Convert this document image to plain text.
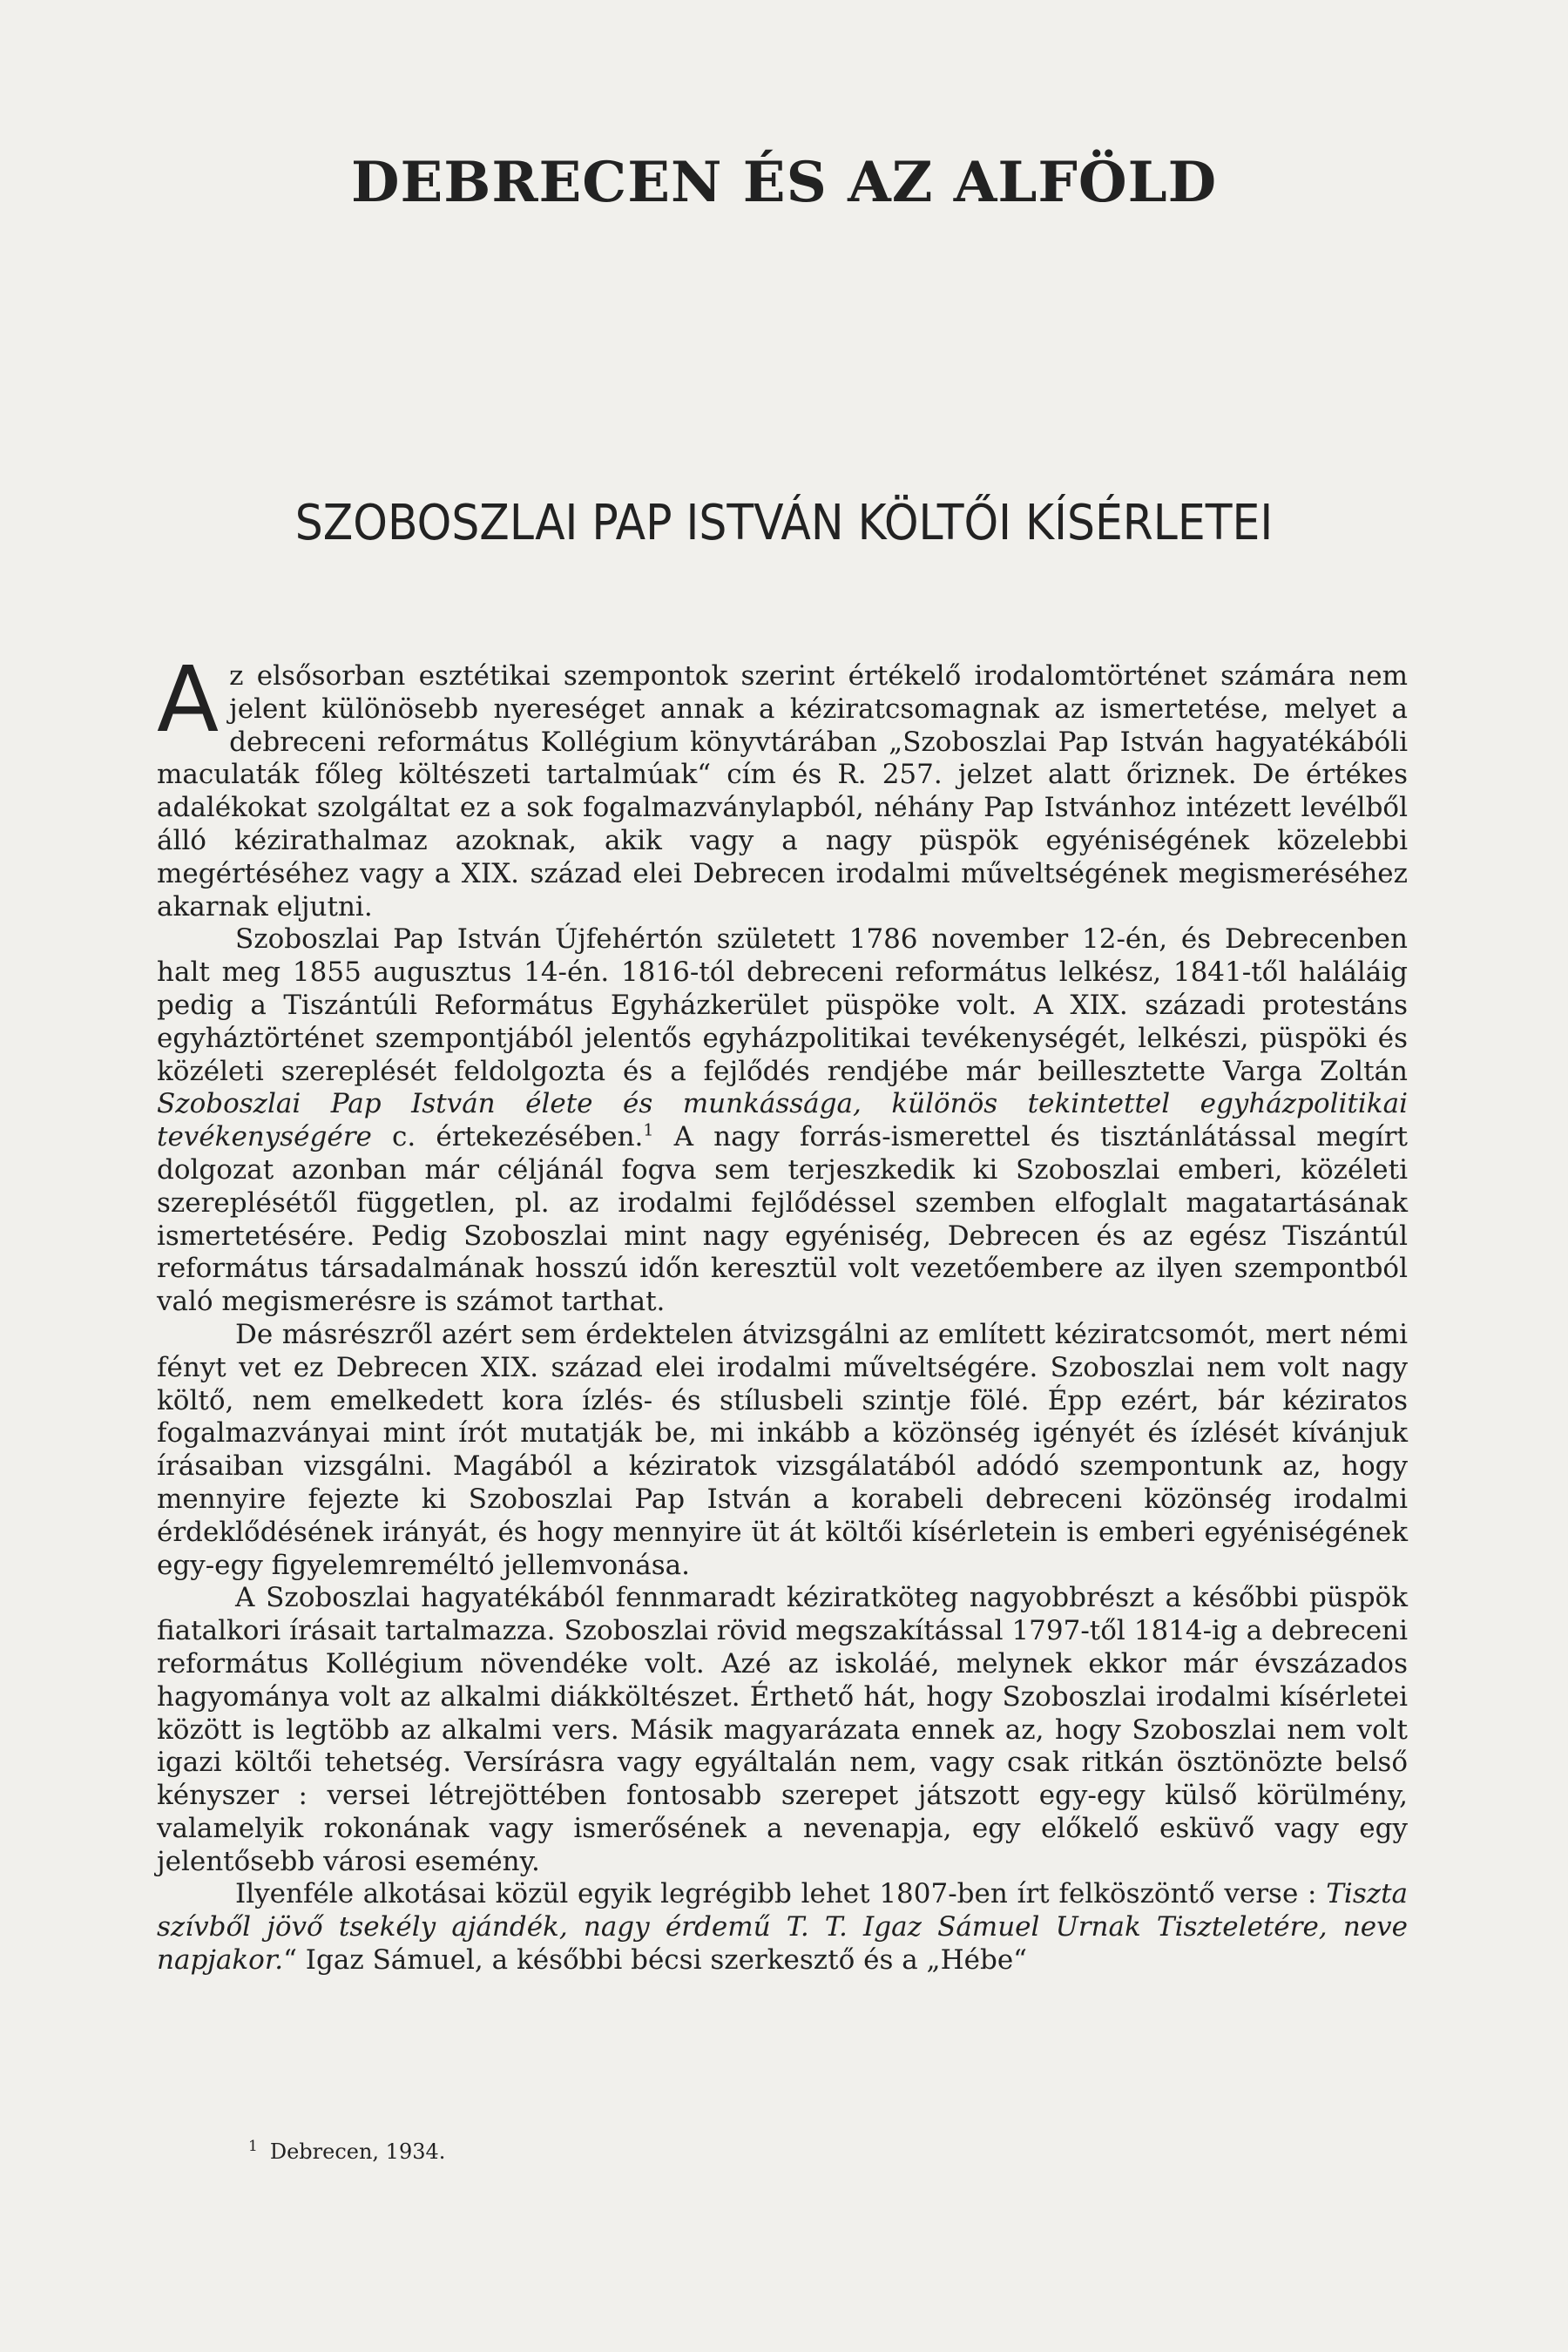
DEBRECEN ÉS AZ ALFÖLD
SZOBOSZLAI PAP ISTVÁN KÖLTŐI KÍSÉRLETEI

Az elsősorban esztétikai szempontok szerint értékelő irodalomtörténet számára nem jelent különösebb nyereséget annak a kéziratcsomagnak az ismertetése, melyet a debreceni református Kollégium könyvtárában „Szoboszlai Pap István hagyatékábóli maculaták főleg költészeti tartalmúak“ cím és R. 257. jelzet alatt őriznek. De értékes adalékokat szolgáltat ez a sok fogalmazványlapból, néhány Pap Istvánhoz intézett levélből álló kézirathalmaz azoknak, akik vagy a nagy püspök egyéniségének közelebbi megértéséhez vagy a XIX. század elei Debrecen irodalmi műveltségének megismeréséhez akarnak eljutni.

Szoboszlai Pap István Újfehértón született 1786 november 12-én, és Debrecenben halt meg 1855 augusztus 14-én. 1816-tól debreceni református lelkész, 1841-től haláláig pedig a Tiszántúli Református Egyházkerület püspöke volt. A XIX. századi protestáns egyháztörténet szempontjából jelentős egyházpolitikai tevékenységét, lelkészi, püspöki és közéleti szereplését feldolgozta és a fejlődés rendjébe már beillesztette Varga Zoltán Szoboszlai Pap István élete és munkássága, különös tekintettel egyházpolitikai tevékenységére c. értekezésében.$^1$ A nagy forrás-ismerettel és tisztánlátással megírt dolgozat azonban már céljánál fogva sem terjeszkedik ki Szoboszlai emberi, közéleti szereplésétől független, pl. az irodalmi fejlődéssel szemben elfoglalt magatartásának ismertetésére. Pedig Szoboszlai mint nagy egyéniség, Debrecen és az egész Tiszántúl református társadalmának hosszú időn keresztül volt vezetőembere az ilyen szempontból való megismerésre is számot tarthat.

De másrészről azért sem érdektelen átvizsgálni az említett kéziratcsomót, mert némi fényt vet ez Debrecen XIX. század elei irodalmi műveltségére. Szoboszlai nem volt nagy költő, nem emelkedett kora ízlés- és stílusbeli szintje fölé. Épp ezért, bár kéziratos fogalmazványai mint írót mutatják be, mi inkább a közönség igényét és ízlését kívánjuk írásaiban vizsgálni. Magából a kéziratok vizsgálatából adódó szempontunk az, hogy mennyire fejezte ki Szoboszlai Pap István a korabeli debreceni közönség irodalmi érdeklődésének irányát, és hogy mennyire üt át költői kísérletein is emberi egyéniségének egy-egy figyelemreméltó jellemvonása.

A Szoboszlai hagyatékából fennmaradt kéziratköteg nagyobbrészt a későbbi püspök fiatalkori írásait tartalmazza. Szoboszlai rövid megszakítással 1797-től 1814-ig a debreceni református Kollégium növendéke volt. Azé az iskoláé, melynek ekkor már évszázados hagyománya volt az alkalmi diákköltészet. Érthető hát, hogy Szoboszlai irodalmi kísérletei között is legtöbb az alkalmi vers. Másik magyarázata ennek az, hogy Szoboszlai nem volt igazi költői tehetség. Versírásra vagy egyáltalán nem, vagy csak ritkán ösztönözte belső kényszer : versei létrejöttében fontosabb szerepet játszott egy-egy külső körülmény, valamelyik rokonának vagy ismerősének a nevenapja, egy előkelő esküvő vagy egy jelentősebb városi esemény.

Ilyenféle alkotásai közül egyik legrégibb lehet 1807-ben írt felköszöntő verse : Tiszta szívből jövő tsekély ajándék, nagy érdemű T. T. Igaz Sámuel Urnak Tiszteletére, neve napjakor.“ Igaz Sámuel, a későbbi bécsi szerkesztő és a „Hébe“

$^1$ Debrecen, 1934.
